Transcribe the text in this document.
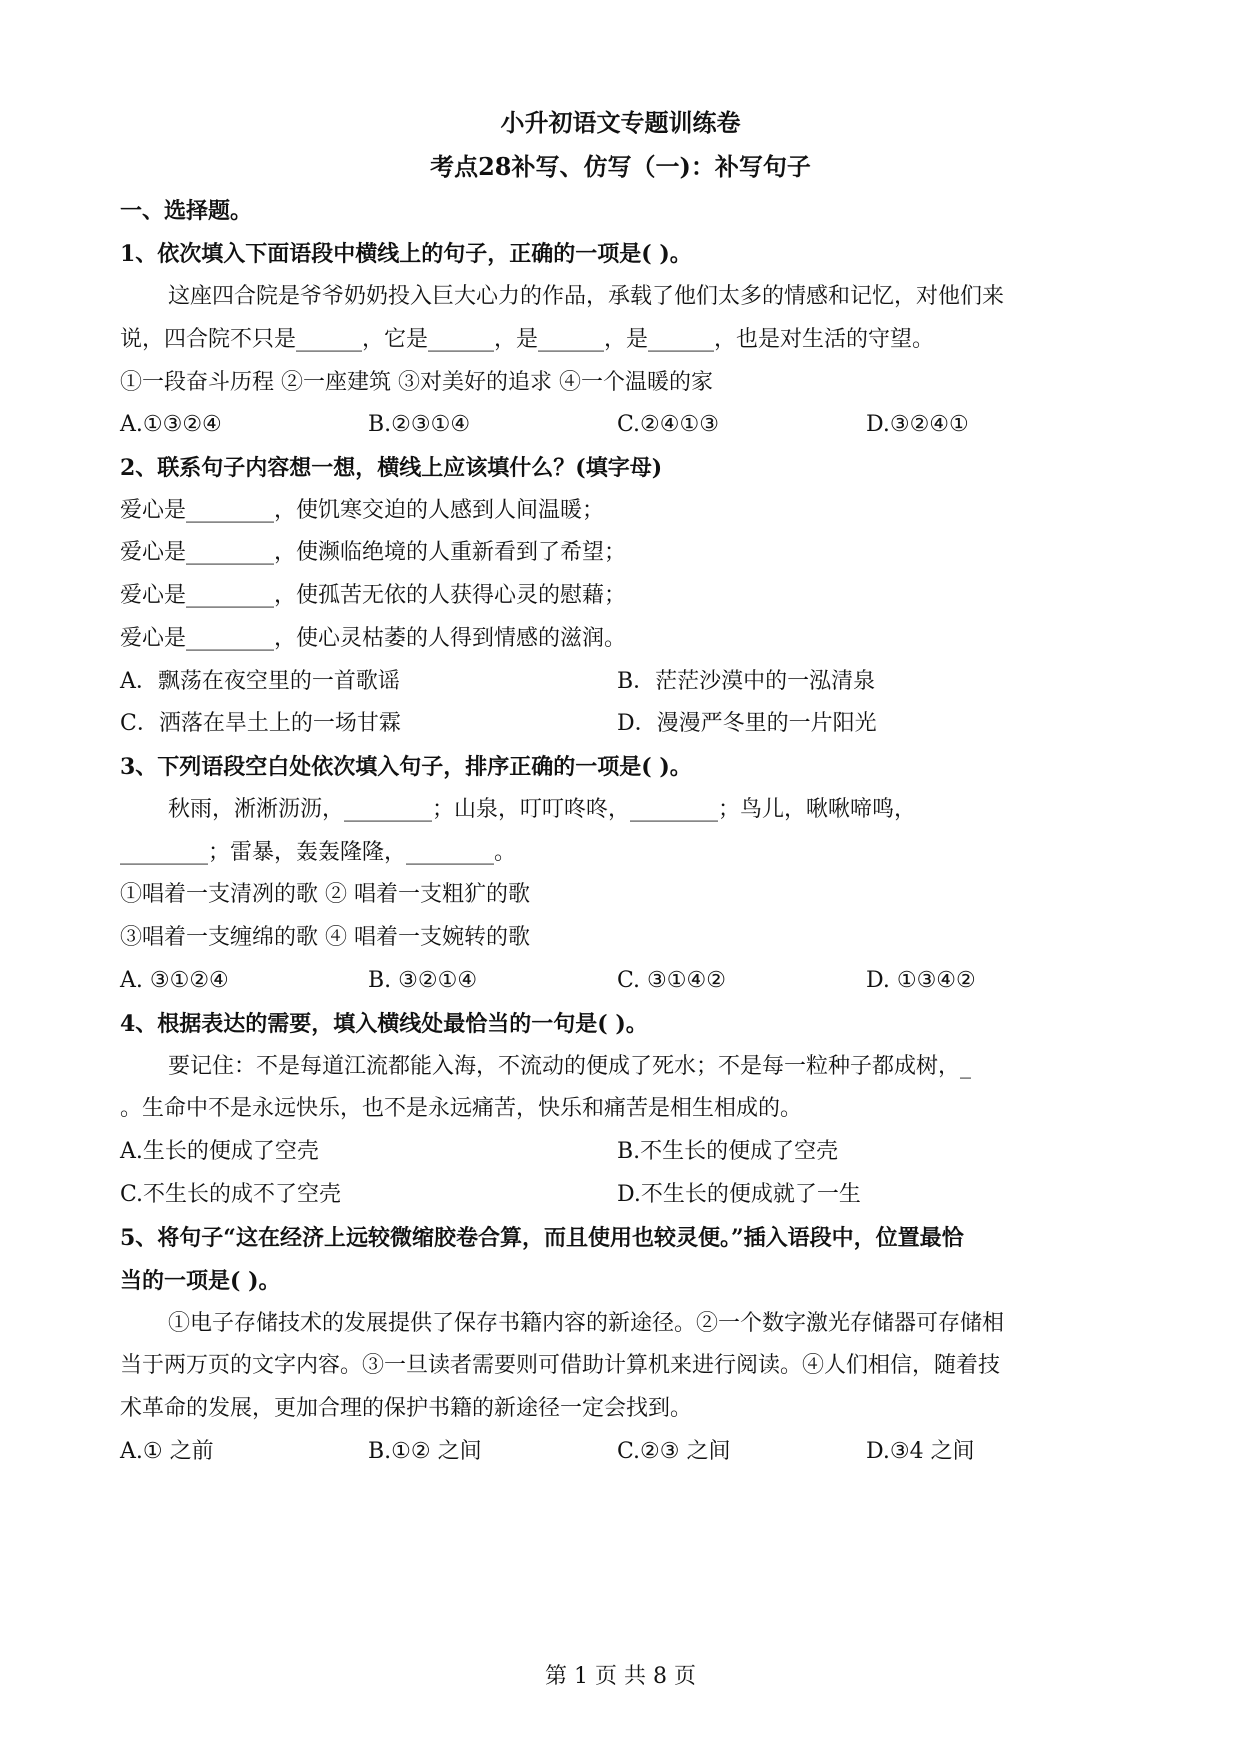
小升初语文专题训练卷
考点28补写、仿写（一)：补写句子
一、选择题。
1、依次填入下面语段中横线上的句子，正确的一项是( )。
这座四合院是爷爷奶奶投入巨大心力的作品，承载了他们太多的情感和记忆，对他们来
说，四合院不只是______，它是______，是______，是______，也是对生活的守望。
①一段奋斗历程 ②一座建筑 ③对美好的追求 ④一个温暖的家
A.①③②④	B.②③①④	C.②④①③	D.③②④①
2、联系句子内容想一想，横线上应该填什么？(填字母)
爱心是________，使饥寒交迫的人感到人间温暖；
爱心是________，使濒临绝境的人重新看到了希望；
爱心是________，使孤苦无依的人获得心灵的慰藉；
爱心是________，使心灵枯萎的人得到情感的滋润。
A．飘荡在夜空里的一首歌谣	B．茫茫沙漠中的一泓清泉
C．洒落在旱土上的一场甘霖	D．漫漫严冬里的一片阳光
3、下列语段空白处依次填入句子，排序正确的一项是( )。
秋雨，淅淅沥沥，________；山泉，叮叮咚咚，________；鸟儿，啾啾啼鸣，
________；雷暴，轰轰隆隆，________。
①唱着一支清冽的歌 ② 唱着一支粗犷的歌
③唱着一支缠绵的歌 ④ 唱着一支婉转的歌
A. ③①②④	B. ③②①④	C. ③①④②	D. ①③④②
4、根据表达的需要，填入横线处最恰当的一句是( )。
要记住：不是每道江流都能入海，不流动的便成了死水；不是每一粒种子都成树，_
。生命中不是永远快乐，也不是永远痛苦，快乐和痛苦是相生相成的。
A.生长的便成了空壳	B.不生长的便成了空壳
C.不生长的成不了空壳	D.不生长的便成就了一生
5、将句子“这在经济上远较微缩胶卷合算，而且使用也较灵便。”插入语段中，位置最恰
当的一项是( )。
①电子存储技术的发展提供了保存书籍内容的新途径。②一个数字激光存储器可存储相
当于两万页的文字内容。③一旦读者需要则可借助计算机来进行阅读。④人们相信，随着技
术革命的发展，更加合理的保护书籍的新途径一定会找到。
A.① 之前	B.①② 之间	C.②③ 之间	D.③4 之间
第 1 页 共 8 页
